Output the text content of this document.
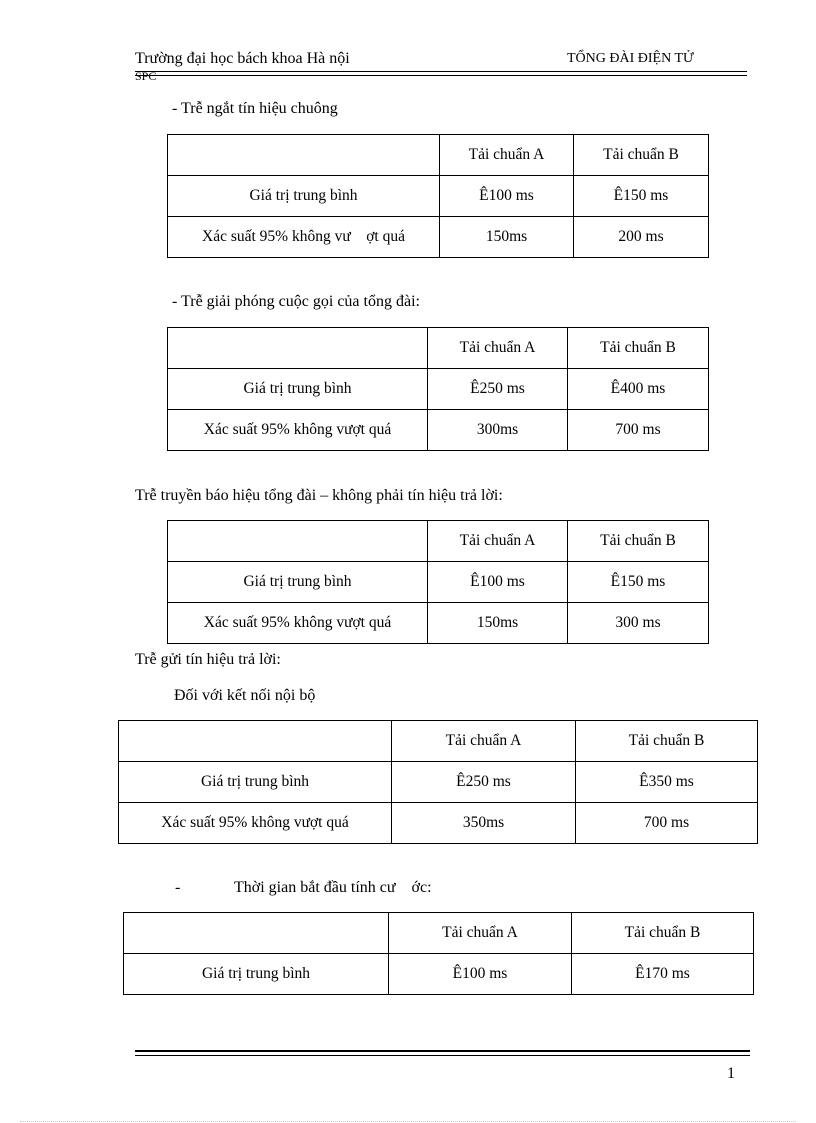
Trường đại học bách khoa Hà nội	TỔNG ĐÀI ĐIỆN TỬ
SPC
- Trễ ngắt tín hiệu chuông
	Tải chuẩn A	Tải chuẩn B
Giá trị trung bình	Ê100 ms	Ê150 ms
Xác suất 95% không vư    ợt quá	150ms	200 ms
- Trễ giải phóng cuộc gọi của tổng đài:
	Tải chuẩn A	Tải chuẩn B
Giá trị trung bình	Ê250 ms	Ê400 ms
Xác suất 95% không vượt quá	300ms	700 ms
Trễ truyền báo hiệu tổng đài – không phải tín hiệu trả lời:
	Tải chuẩn A	Tải chuẩn B
Giá trị trung bình	Ê100 ms	Ê150 ms
Xác suất 95% không vượt quá	150ms	300 ms
Trễ gửi tín hiệu trả lời:
Đối với kết nối nội bộ
	Tải chuẩn A	Tải chuẩn B
Giá trị trung bình	Ê250 ms	Ê350 ms
Xác suất 95% không vượt quá	350ms	700 ms
-	Thời gian bắt đầu tính cư    ớc:
	Tải chuẩn A	Tải chuẩn B
Giá trị trung bình	Ê100 ms	Ê170 ms
1
